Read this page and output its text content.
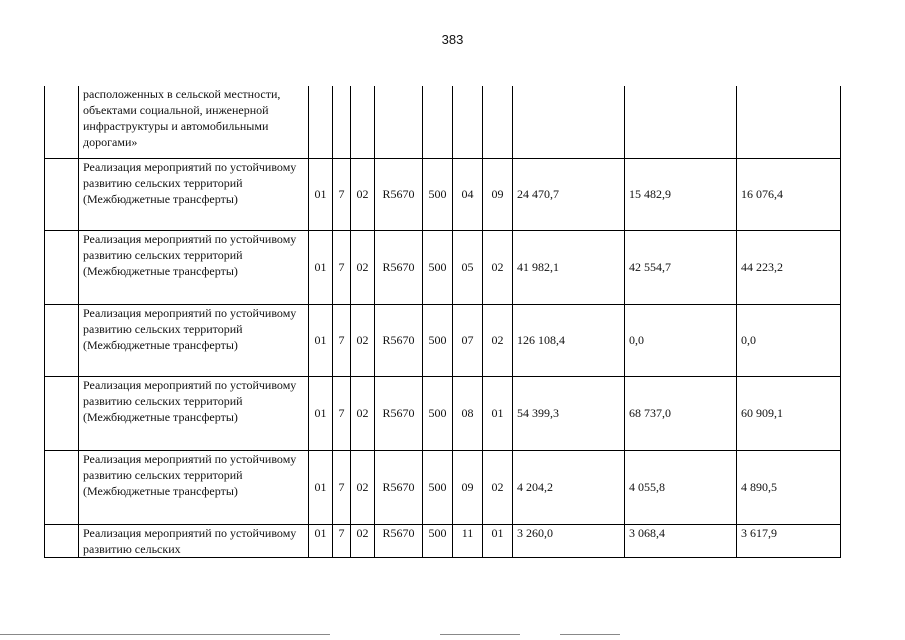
383
	расположенных в сельской местности, объектами социальной, инженерной инфраструктуры и автомобильными дорогами»										
	Реализация мероприятий по устойчивому развитию сельских территорий (Межбюджетные трансферты)	01	7	02	R5670	500	04	09	24 470,7	15 482,9	16 076,4
	Реализация мероприятий по устойчивому развитию сельских территорий (Межбюджетные трансферты)	01	7	02	R5670	500	05	02	41 982,1	42 554,7	44 223,2
	Реализация мероприятий по устойчивому развитию сельских территорий (Межбюджетные трансферты)	01	7	02	R5670	500	07	02	126 108,4	0,0	0,0
	Реализация мероприятий по устойчивому развитию сельских территорий (Межбюджетные трансферты)	01	7	02	R5670	500	08	01	54 399,3	68 737,0	60 909,1
	Реализация мероприятий по устойчивому развитию сельских территорий (Межбюджетные трансферты)	01	7	02	R5670	500	09	02	4 204,2	4 055,8	4 890,5
	Реализация мероприятий по устойчивому развитию сельских	01	7	02	R5670	500	11	01	3 260,0	3 068,4	3 617,9
